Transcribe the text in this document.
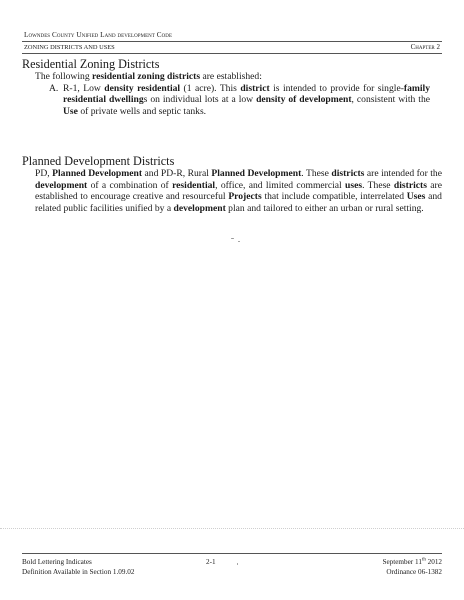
Lowndes County Unified Land development Code
ZONING DISTRICTS AND USES	Chapter 2
Residential Zoning Districts
The following residential zoning districts are established:
A. R-1, Low density residential (1 acre). This district is intended to provide for single-family residential dwellings on individual lots at a low density of development, consistent with the Use of private wells and septic tanks.
Planned Development Districts
PD, Planned Development and PD-R, Rural Planned Development. These districts are intended for the development of a combination of residential, office, and limited commercial uses. These districts are established to encourage creative and resourceful Projects that include compatible, interrelated Uses and related public facilities unified by a development plan and tailored to either an urban or rural setting.
Bold Lettering Indicates
Definition Available in Section 1.09.02
2-1	September 11th 2012
Ordinance 06-1382
